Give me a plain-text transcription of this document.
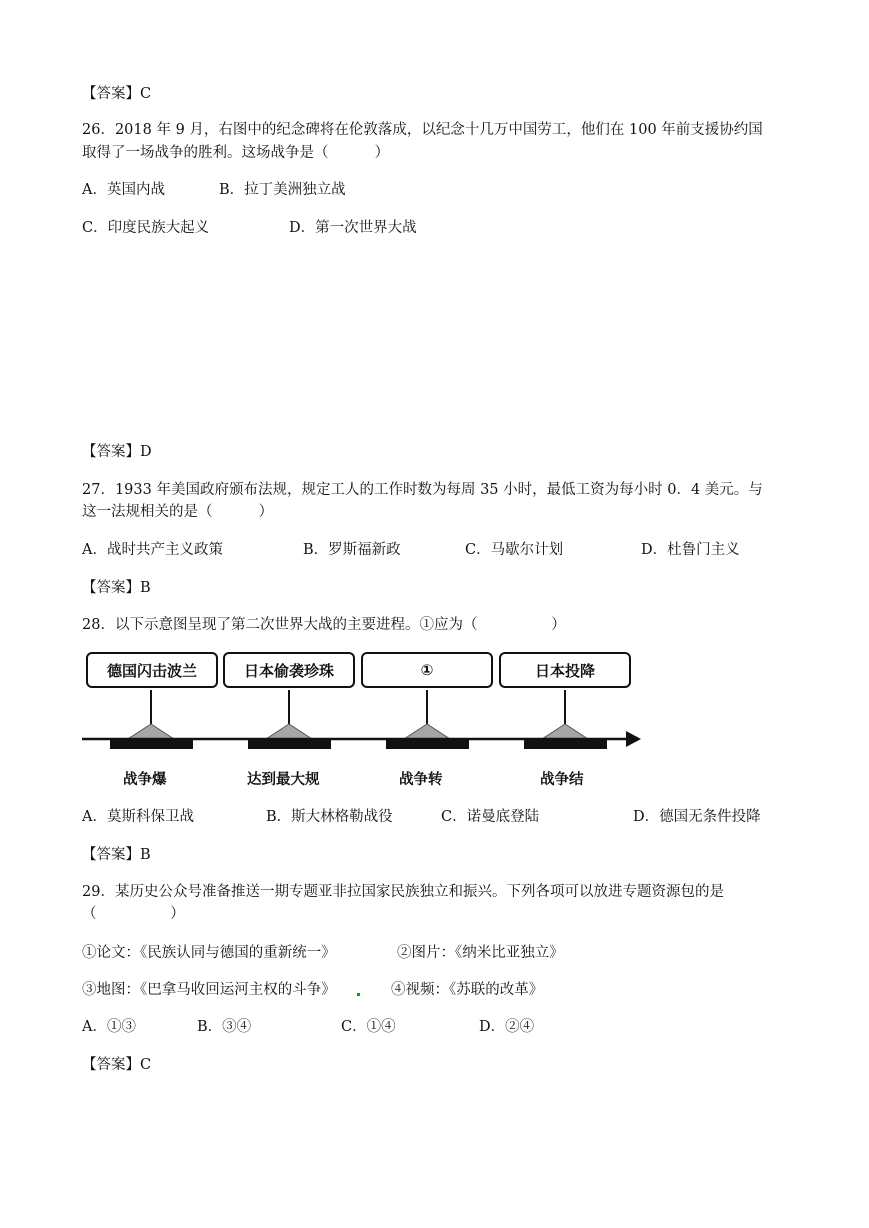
【答案】C
26．2018 年 9 月，右图中的纪念碑将在伦敦落成，以纪念十几万中国劳工，他们在 100 年前支援协约国
取得了一场战争的胜利。这场战争是（          ）
A．英国内战	B．拉丁美洲独立战
C．印度民族大起义	D．第一次世界大战
【答案】D
27．1933 年美国政府颁布法规，规定工人的工作时数为每周 35 小时，最低工资为每小时 0．4 美元。与
这一法规相关的是（          ）
A．战时共产主义政策	B．罗斯福新政	C．马歇尔计划	D．杜鲁门主义
【答案】B
28．以下示意图呈现了第二次世界大战的主要进程。①应为（                ）
德国闪击波兰	日本偷袭珍珠	①	日本投降
战争爆	达到最大规	战争转	战争结
A．莫斯科保卫战	B．斯大林格勒战役	C．诺曼底登陆	D．德国无条件投降
【答案】B
29．某历史公众号准备推送一期专题亚非拉国家民族独立和振兴。下列各项可以放进专题资源包的是
（                ）
①论文：《民族认同与德国的重新统一》	②图片：《纳米比亚独立》
③地图：《巴拿马收回运河主权的斗争》	④视频：《苏联的改革》
A．①③	B．③④	C．①④	D．②④
【答案】C
